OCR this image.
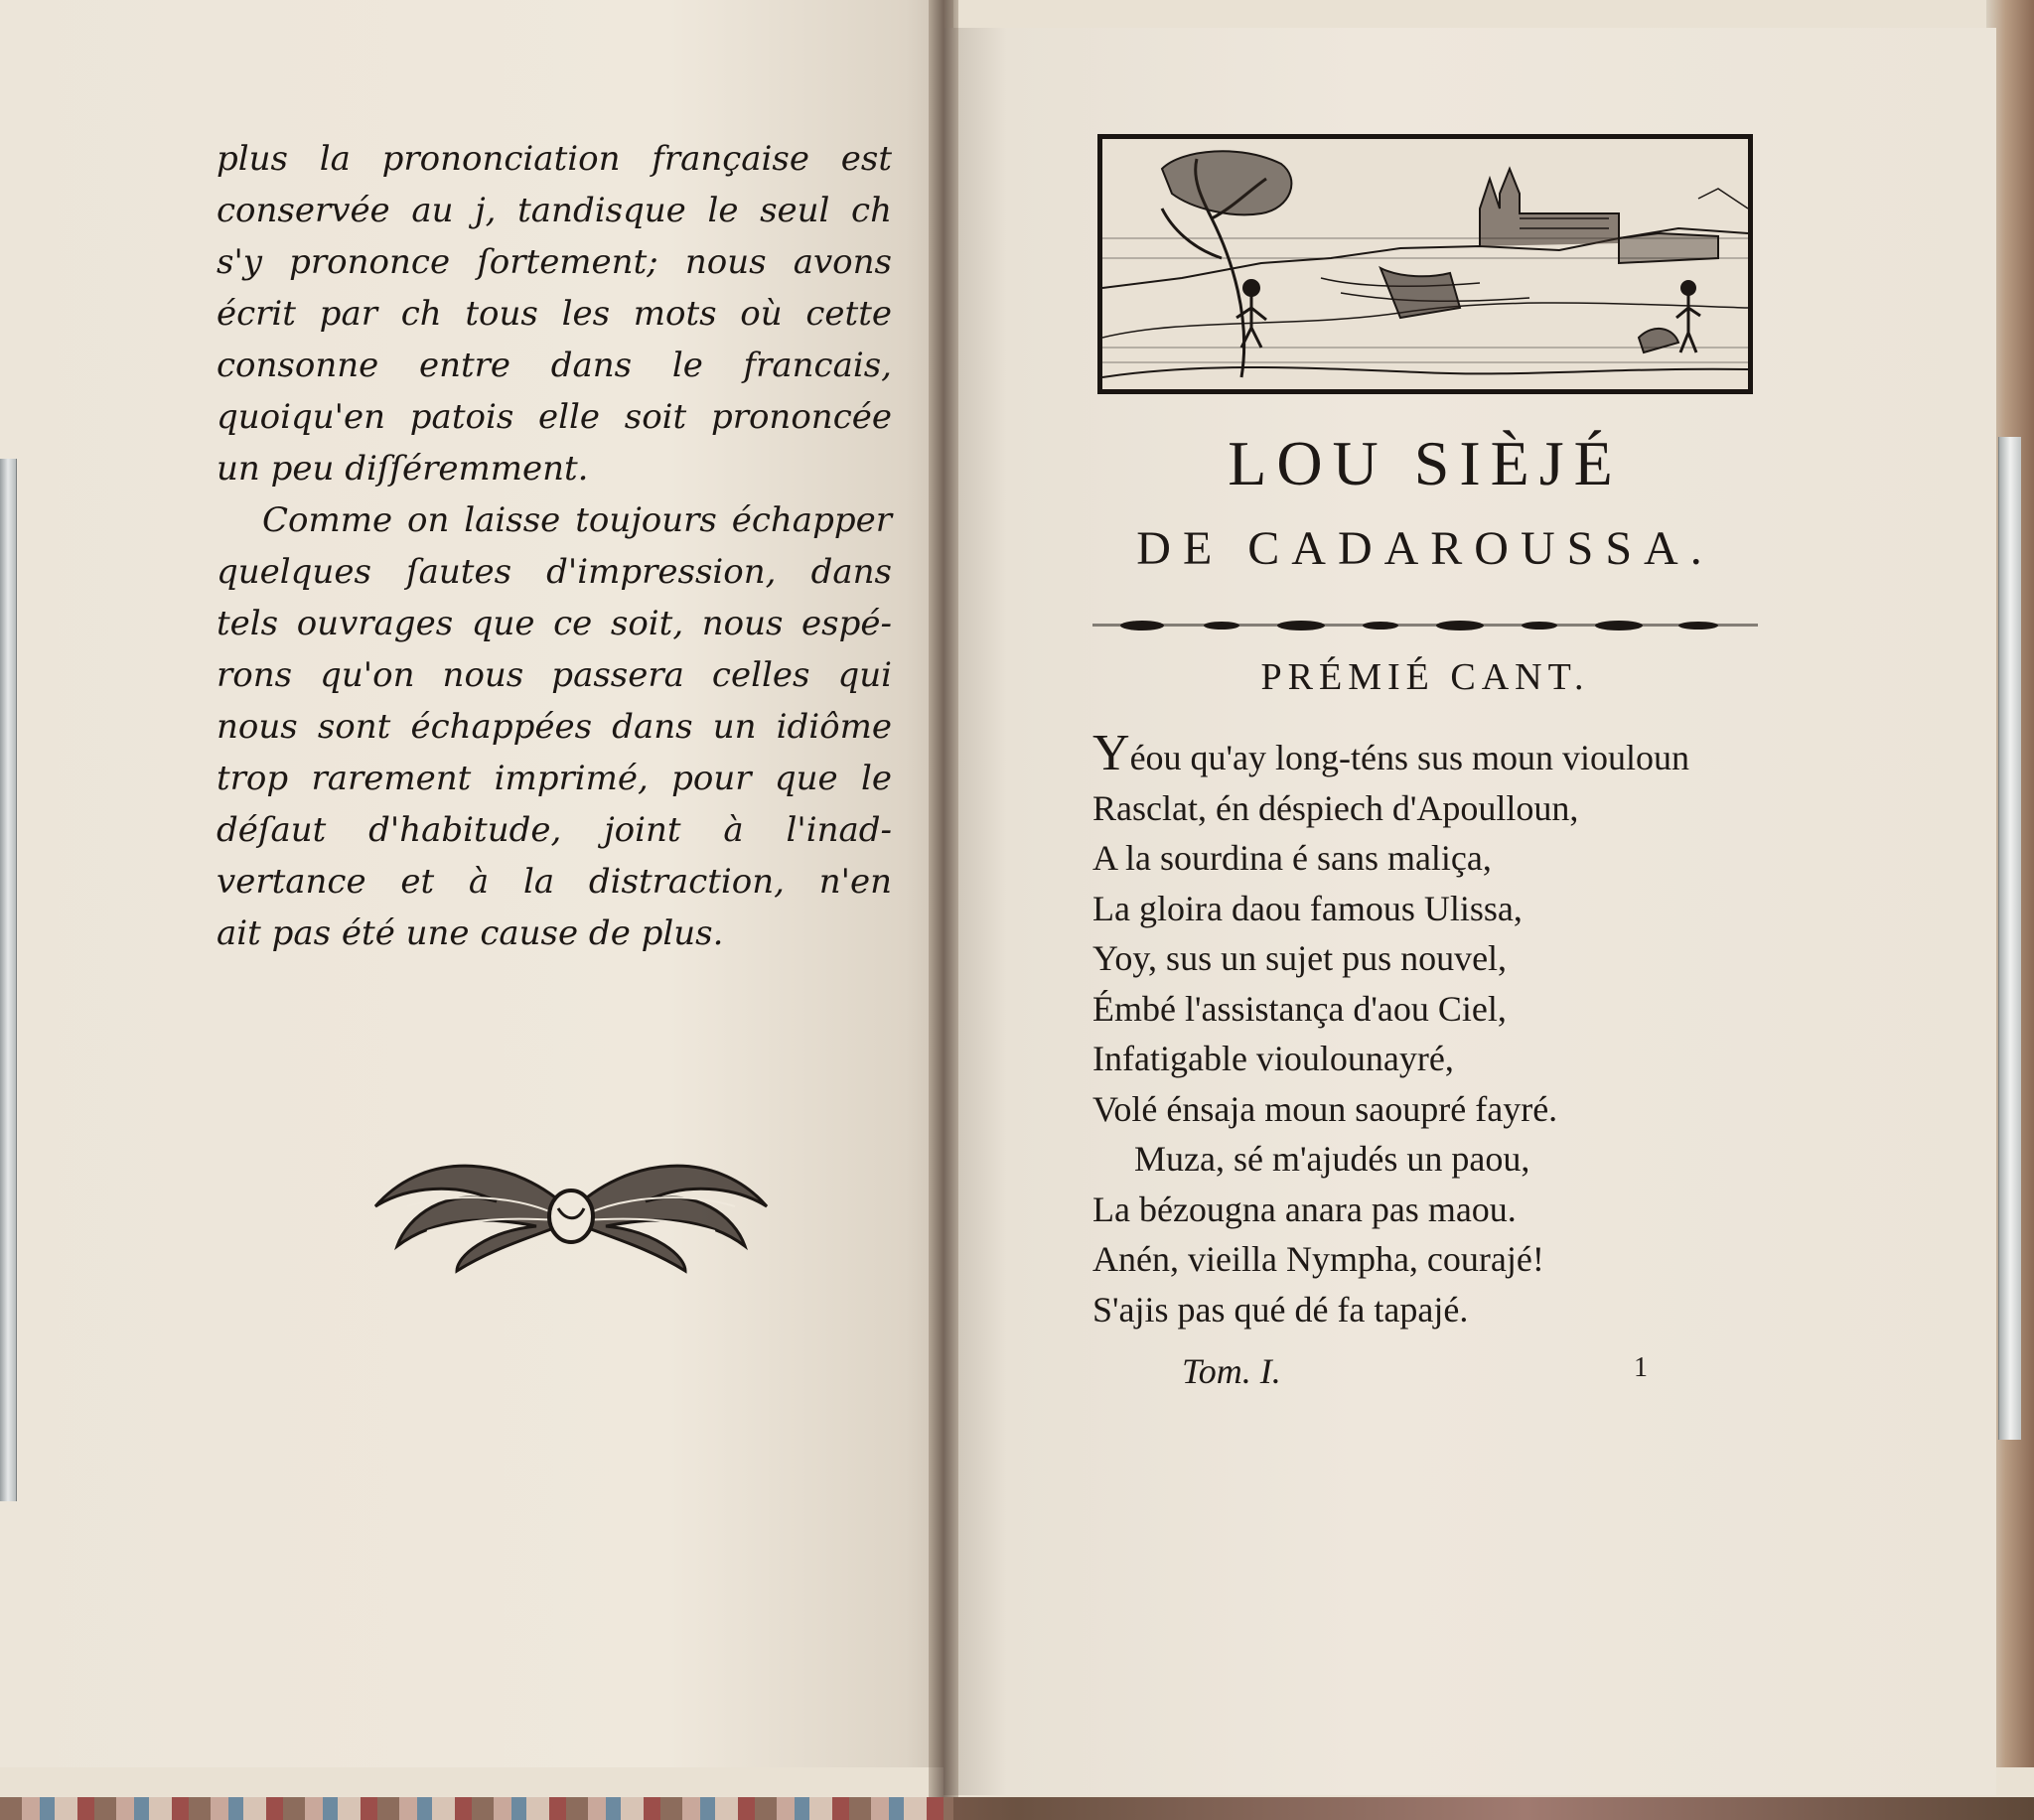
plus la prononciation française est
conservée au j, tandisque le seul ch
s'y prononce ſortement; nous avons
écrit par ch tous les mots où cette
consonne entre dans le francais,
quoiqu'en patois elle soit prononcée
un peu diſſéremment.

Comme on laisse toujours échapper
quelques ſautes d'impression, dans
tels ouvrages que ce soit, nous espé-
rons qu'on nous passera celles qui
nous sont échappées dans un idiôme
trop rarement imprimé, pour que le
déſaut d'habitude, joint à l'inad-
vertance et à la distraction, n'en
ait pas été une cause de plus.

LOU SIÈJÉ
DE CADAROUSSA.
PRÉMIÉ CANT.
Yéou qu'ay long-téns sus moun viouloun
Rasclat, én déspiech d'Apoulloun,
A la sourdina é sans maliça,
La gloira daou famous Ulissa,
Yoy, sus un sujet pus nouvel,
Émbé l'assistança d'aou Ciel,
Infatigable vioulounayré,
Volé énsaja moun saoupré fayré.
Muza, sé m'ajudés un paou,
La bézougna anara pas maou.
Anén, vieilla Nympha, courajé!
S'ajis pas qué dé fa tapajé.
Tom. I.	1
